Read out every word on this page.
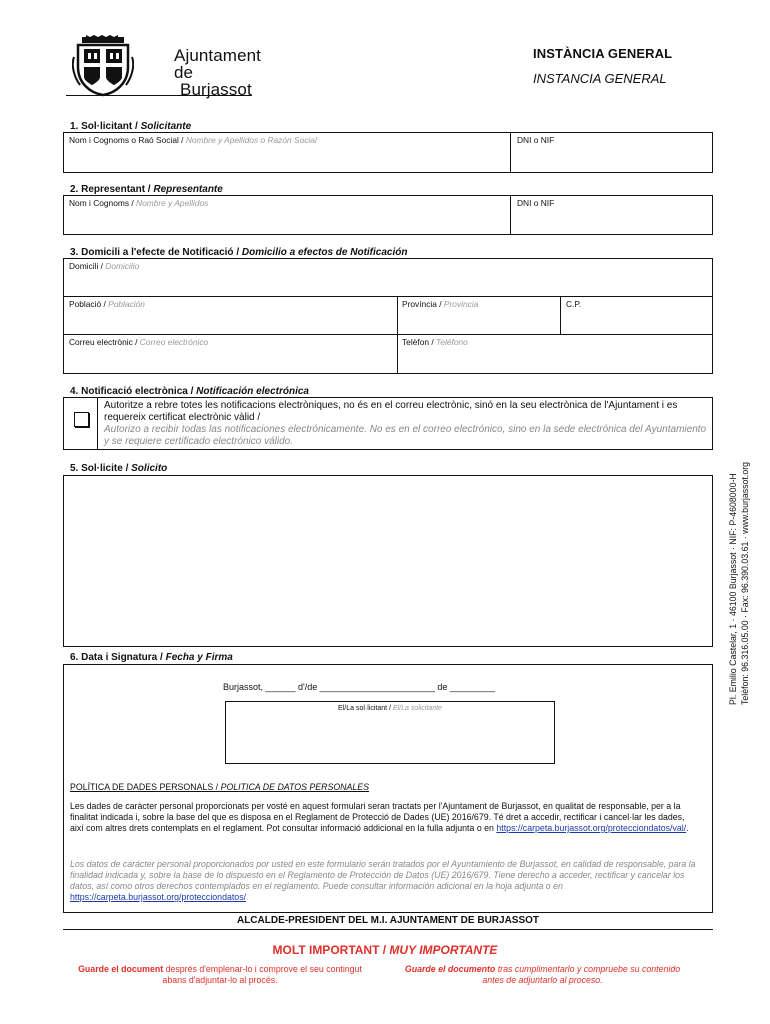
Ajuntament de
Burjassot
INSTÀNCIA GENERAL
INSTANCIA GENERAL
1. Sol·licitant / Solicitante
Nom i Cognoms o Raó Social / Nombre y Apellidos o Razón Social	DNI o NIF
2. Representant / Representante
Nom i Cognoms / Nombre y Apellidos	DNI o NIF
3. Domicili a l'efecte de Notificació / Domicilio a efectos de Notificación
Domicili / Domicilio
Població / Población	Província / Provincia	C.P.
Correu electrònic / Correo electrónico	Telèfon / Teléfono
4. Notificació electrònica / Notificación electrónica
Autoritze a rebre totes les notificacions electròniques, no és en el correu electrònic, sinó en la seu electrònica de l'Ajuntament i es requereix certificat electrònic vàlid /
Autorizo a recibir todas las notificaciones electrónicamente. No es en el correo electrónico, sino en la sede electrónica del Ayuntamiento y se requiere certificado electrónico válido.
5. Sol·licite / Solicito
6. Data i Signatura / Fecha y Firma
Burjassot, ______ d'/de _______________________ de _________
El/La sol·licitant / El/La solicitante
POLÍTICA DE DADES PERSONALS / POLITICA DE DATOS PERSONALES
Les dades de caràcter personal proporcionats per vosté en aquest formulari seran tractats per l'Ajuntament de Burjassot, en qualitat de responsable, per a la finalitat indicada i, sobre la base del que es disposa en el Reglament de Protecció de Dades (UE) 2016/679. Té dret a accedir, rectificar i cancel·lar les dades, així com altres drets contemplats en el reglament. Pot consultar informació addicional en la fulla adjunta o en https://carpeta.burjassot.org/protecciondatos/val/.
Los datos de carácter personal proporcionados por usted en este formulario serán tratados por el Ayuntamiento de Burjassot, en calidad de responsable, para la finalidad indicada y, sobre la base de lo dispuesto en el Reglamento de Protección de Datos (UE) 2016/679. Tiene derecho a acceder, rectificar y cancelar los datos, así como otros derechos contemplados en el reglamento. Puede consultar información adicional en la hoja adjunta o en https://carpeta.burjassot.org/protecciondatos/
ALCALDE-PRESIDENT DEL M.I. AJUNTAMENT DE BURJASSOT
MOLT IMPORTANT / MUY IMPORTANTE
Guarde el document després d'emplenar-lo i comprove el seu contingut abans d'adjuntar-lo al procés.
Guarde el documento tras cumplimentarlo y compruebe su contenido antes de adjuntarlo al proceso.
Pl. Emilio Castelar, 1 · 46100 Burjassot · NIF: P-4608000-H Telèfon: 96.316.05.00 · Fax: 96.390.03.61 · www.burjassot.org
